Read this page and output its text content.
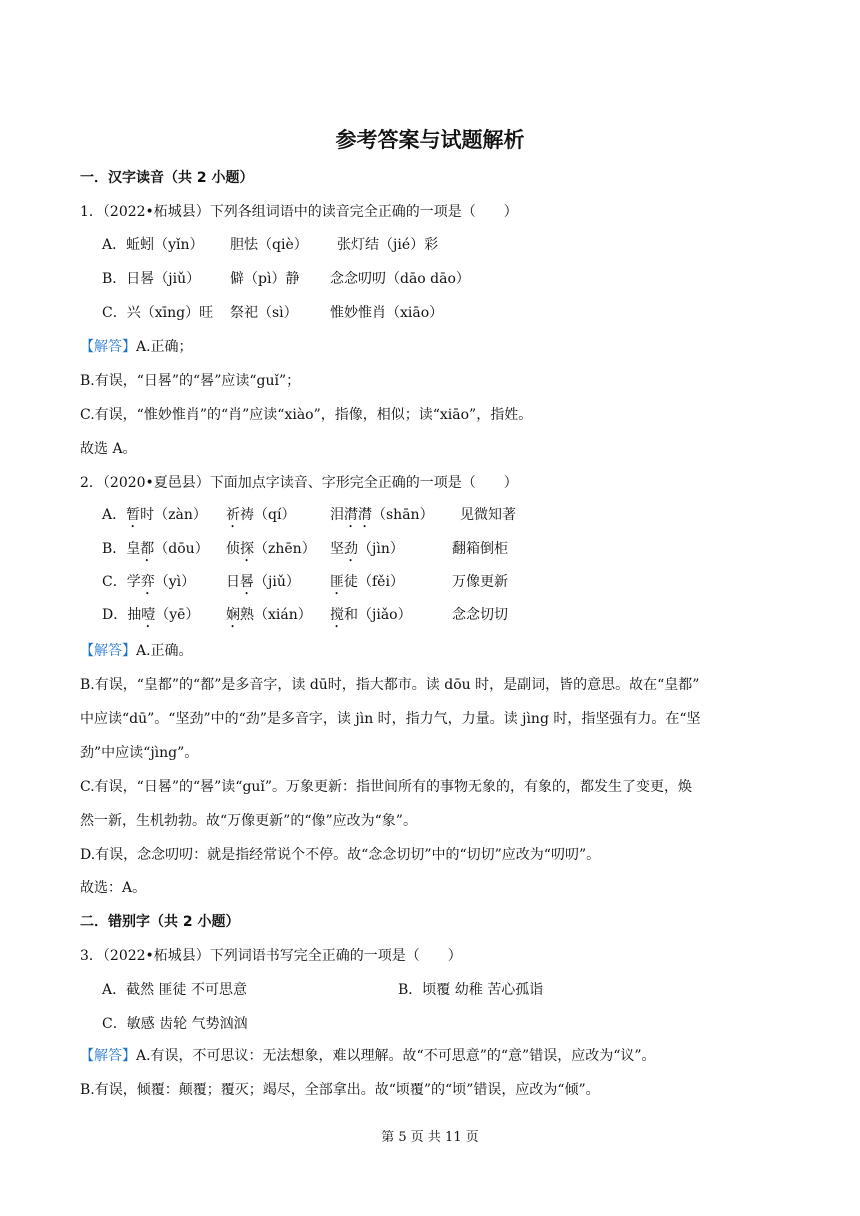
参考答案与试题解析
一．汉字读音（共 2 小题）
1．（2022•柘城县）下列各组词语中的读音完全正确的一项是（　　）
A．蚯蚓（yǐn） 胆怯（qiè） 张灯结（jié）彩
B．日晷（jiǔ） 僻（pì）静 念念叨叨（dāo dāo）
C．兴（xīng）旺 祭祀（sì） 惟妙惟肖（xiāo）
【解答】A.正确；
B.有误，“日晷”的“晷”应读“guǐ”；
C.有误，“惟妙惟肖”的“肖”应读“xiào”，指像，相似；读“xiāo”，指姓。
故选 A。
2．（2020•夏邑县）下面加点字读音、字形完全正确的一项是（　　）
A．暂时（zàn） 祈祷（qí） 泪潸潸（shān） 见微知著
B．皇都（dōu） 侦探（zhēn） 坚劲（jìn）	翻箱倒柜
C．学弈（yì） 日晷（jiǔ） 匪徒（fěi）	万像更新
D．抽噎（yē） 娴熟（xián） 搅和（jiǎo）	念念切切
【解答】A.正确。
B.有误，“皇都”的“都”是多音字，读 dū时，指大都市。读 dōu 时，是副词，皆的意思。故在“皇都”
中应读“dū”。“坚劲”中的“劲”是多音字，读 jìn 时，指力气，力量。读 jìng 时，指坚强有力。在“坚
劲”中应读“jìng”。
C.有误，“日晷”的“晷”读“guǐ”。万象更新：指世间所有的事物无象的，有象的，都发生了变更，焕
然一新，生机勃勃。故“万像更新”的“像”应改为“象”。
D.有误，念念叨叨：就是指经常说个不停。故“念念切切”中的“切切”应改为“叨叨”。
故选：A。
二．错别字（共 2 小题）
3．（2022•柘城县）下列词语书写完全正确的一项是（　　）
A．截然 匪徒 不可思意	B．顷覆 幼稚 苦心孤诣
C．敏感 齿轮 气势汹汹
【解答】A.有误，不可思议：无法想象，难以理解。故“不可思意”的“意”错误，应改为“议”。
B.有误，倾覆：颠覆；覆灭；竭尽，全部拿出。故“顷覆”的“顷”错误，应改为“倾”。
第 5 页 共 11 页
